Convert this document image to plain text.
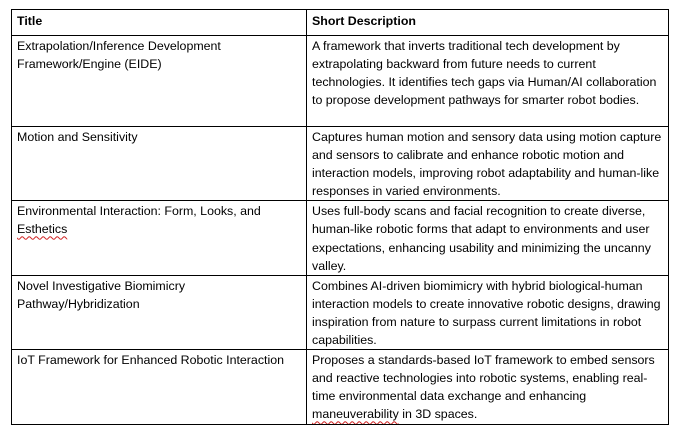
Title	Short Description
Extrapolation/Inference Development Framework/Engine (EIDE)	A framework that inverts traditional tech development by extrapolating backward from future needs to current technologies. It identifies tech gaps via Human/AI collaboration to propose development pathways for smarter robot bodies.
Motion and Sensitivity	Captures human motion and sensory data using motion capture and sensors to calibrate and enhance robotic motion and interaction models, improving robot adaptability and human-like responses in varied environments.
Environmental Interaction: Form, Looks, and Esthetics	Uses full-body scans and facial recognition to create diverse, human-like robotic forms that adapt to environments and user expectations, enhancing usability and minimizing the uncanny valley.
Novel Investigative Biomimicry Pathway/Hybridization	Combines AI-driven biomimicry with hybrid biological-human interaction models to create innovative robotic designs, drawing inspiration from nature to surpass current limitations in robot capabilities.
IoT Framework for Enhanced Robotic Interaction	Proposes a standards-based IoT framework to embed sensors and reactive technologies into robotic systems, enabling real-time environmental data exchange and enhancing maneuverability in 3D spaces.
